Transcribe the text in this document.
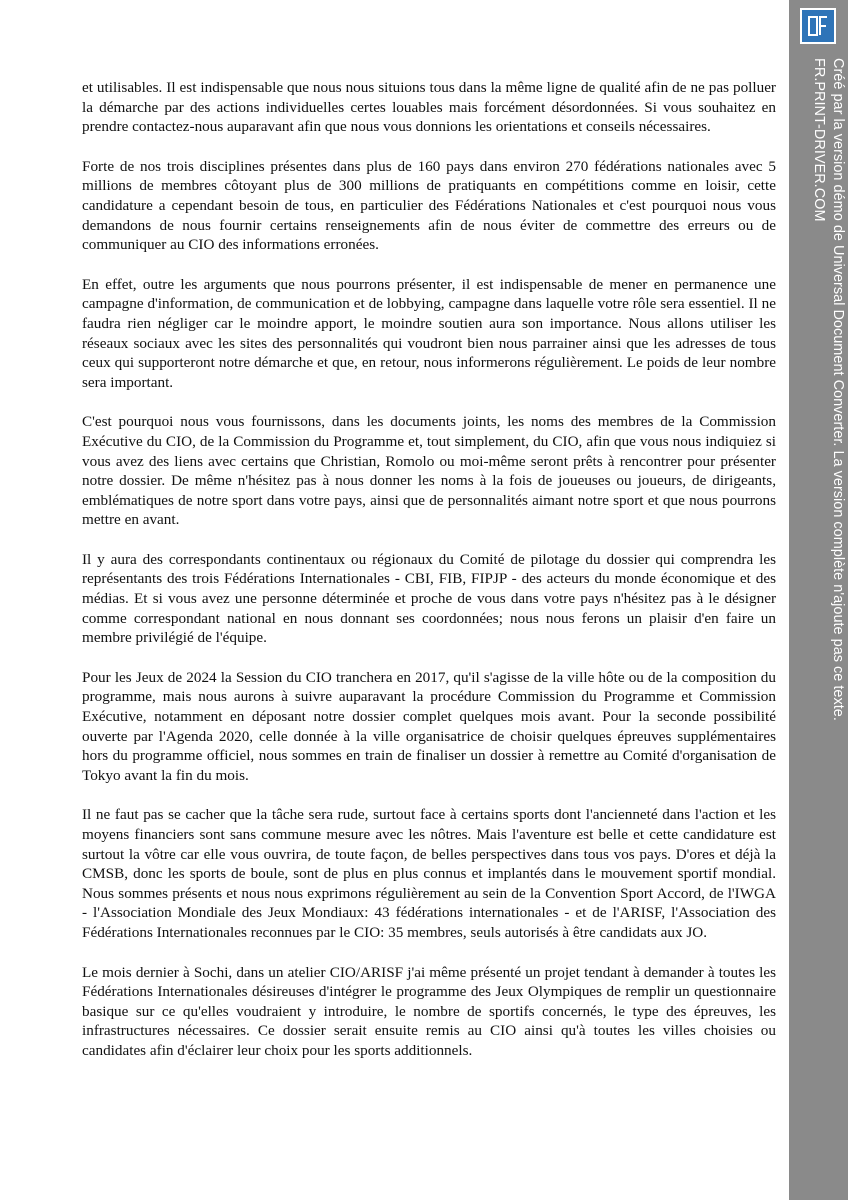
et utilisables. Il est indispensable que nous nous situions tous dans la même ligne de qualité afin de ne pas polluer la démarche par des actions individuelles certes louables mais forcément désordonnées. Si vous souhaitez en prendre contactez-nous auparavant afin que nous vous donnions les orientations et conseils nécessaires.

Forte de nos trois disciplines présentes dans plus de 160 pays dans environ 270 fédérations nationales avec 5 millions de membres côtoyant plus de 300 millions de pratiquants en compétitions comme en loisir, cette candidature a cependant besoin de tous, en particulier des Fédérations Nationales et c'est pourquoi nous vous demandons de nous fournir certains renseignements afin de nous éviter de commettre des erreurs ou de communiquer au CIO des informations erronées.

En effet, outre les arguments que nous pourrons présenter, il est indispensable de mener en permanence une campagne d'information, de communication et de lobbying, campagne dans laquelle votre rôle sera essentiel. Il ne faudra rien négliger car le moindre apport, le moindre soutien aura son importance. Nous allons utiliser les réseaux sociaux avec les sites des personnalités qui voudront bien nous parrainer ainsi que les adresses de tous ceux qui supporteront notre démarche et que, en retour, nous informerons régulièrement. Le poids de leur nombre sera important.

C'est pourquoi nous vous fournissons, dans les documents joints, les noms des membres de la Commission Exécutive du CIO, de la Commission du Programme et, tout simplement, du CIO, afin que vous nous indiquiez si vous avez des liens avec certains que Christian, Romolo ou moi-même seront prêts à rencontrer pour présenter notre dossier. De même n'hésitez pas à nous donner les noms à la fois de joueuses ou joueurs, de dirigeants, emblématiques de notre sport dans votre pays, ainsi que de personnalités aimant notre sport et que nous pourrons mettre en avant.

Il y aura des correspondants continentaux ou régionaux du Comité de pilotage du dossier qui comprendra les représentants des trois Fédérations Internationales - CBI, FIB, FIPJP - des acteurs du monde économique et des médias. Et si vous avez une personne déterminée et proche de vous dans votre pays n'hésitez pas à le désigner comme correspondant national en nous donnant ses coordonnées; nous nous ferons un plaisir d'en faire un membre privilégié de l'équipe.

Pour les Jeux de 2024 la Session du CIO tranchera en 2017, qu'il s'agisse de la ville hôte ou de la composition du programme, mais nous aurons à suivre auparavant la procédure Commission du Programme et Commission Exécutive, notamment en déposant notre dossier complet quelques mois avant. Pour la seconde possibilité ouverte par l'Agenda 2020, celle donnée à la ville organisatrice de choisir quelques épreuves supplémentaires hors du programme officiel, nous sommes en train de finaliser un dossier à remettre au Comité d'organisation de Tokyo avant la fin du mois.

Il ne faut pas se cacher que la tâche sera rude, surtout face à certains sports dont l'ancienneté dans l'action et les moyens financiers sont sans commune mesure avec les nôtres. Mais l'aventure est belle et cette candidature est surtout la vôtre car elle vous ouvrira, de toute façon, de belles perspectives dans tous vos pays. D'ores et déjà la CMSB, donc les sports de boule, sont de plus en plus connus et implantés dans le mouvement sportif mondial. Nous sommes présents et nous nous exprimons régulièrement au sein de la Convention Sport Accord, de l'IWGA - l'Association Mondiale des Jeux Mondiaux: 43 fédérations internationales - et de l'ARISF, l'Association des Fédérations Internationales reconnues par le CIO: 35 membres, seuls autorisés à être candidats aux JO.

Le mois dernier à Sochi, dans un atelier CIO/ARISF j'ai même présenté un projet tendant à demander à toutes les Fédérations Internationales désireuses d'intégrer le programme des Jeux Olympiques de remplir un questionnaire basique sur ce qu'elles voudraient y introduire, le nombre de sportifs concernés, le type des épreuves, les infrastructures nécessaires. Ce dossier serait ensuite remis au CIO ainsi qu'à toutes les villes choisies ou candidates afin d'éclairer leur choix pour les sports additionnels.

Créé par la version démo de Universal Document Converter. La version complète n'ajoute pas ce texte.
FR.PRINT-DRIVER.COM
